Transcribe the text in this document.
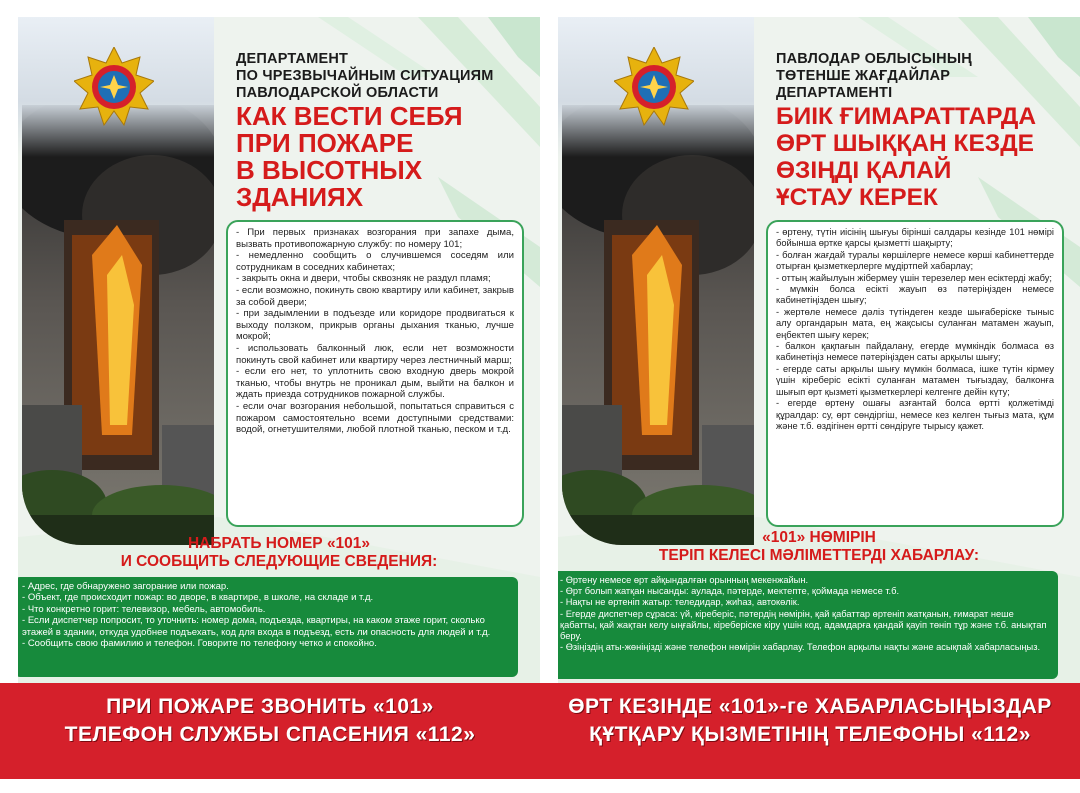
ДЕПАРТАМЕНТ
ПО ЧРЕЗВЫЧАЙНЫМ СИТУАЦИЯМ
ПАВЛОДАРСКОЙ ОБЛАСТИ
КАК ВЕСТИ СЕБЯ
ПРИ ПОЖАРЕ
В ВЫСОТНЫХ
ЗДАНИЯХ

- При первых признаках возгорания при запахе дыма, вызвать противопожарную службу: по номеру 101;

- немедленно сообщить о случившемся соседям или сотрудникам в соседних кабинетах;

- закрыть окна и двери, чтобы сквозняк не раздул пламя;

- если возможно, покинуть свою квартиру или кабинет, закрыв за собой двери;

- при задымлении в подъезде или коридоре продвигаться к выходу ползком, прикрыв органы дыхания тканью, лучше мокрой;

- использовать балконный люк, если нет возможности покинуть свой кабинет или квартиру через лестничный марш;

- если его нет, то уплотнить свою входную дверь мокрой тканью, чтобы внутрь не проникал дым, выйти на балкон и ждать приезда сотрудников пожарной службы.

- если очаг возгорания небольшой, попытаться справиться с пожаром самостоятельно всеми доступными средствами: водой, огнетушителями, любой плотной тканью, песком и т.д.

НАБРАТЬ НОМЕР «101»
И СООБЩИТЬ СЛЕДУЮЩИЕ СВЕДЕНИЯ:

- Адрес, где обнаружено загорание или пожар.

- Объект, где происходит пожар: во дворе, в квартире, в школе, на складе и т.д.

- Что конкретно горит: телевизор, мебель, автомобиль.

- Если диспетчер попросит, то уточнить: номер дома, подъезда, квартиры, на каком этаже горит, сколько этажей в здании, откуда удобнее подъехать, код для входа в подъезд, есть ли опасность для людей и т.д.

- Сообщить свою фамилию и телефон. Говорите по телефону четко и спокойно.

ПАВЛОДАР ОБЛЫСЫНЫҢ
ТӨТЕНШЕ ЖАҒДАЙЛАР
ДЕПАРТАМЕНТІ
БИІК ҒИМАРАТТАРДА
ӨРТ ШЫҚҚАН КЕЗДЕ
ӨЗІҢДІ ҚАЛАЙ
ҰСТАУ КЕРЕК

- өртену, түтін иісінің шығуы бірінші салдары кезінде 101 нөмірі бойынша өртке қарсы қызметті шақырту;

- болған жағдай туралы көршілерге немесе көрші кабинеттерде отырған қызметкерлерге мұдіртпей хабарлау;

- оттың жайылуын жібермеу үшін терезелер мен есіктерді жабу;

- мүмкін болса есікті жауып өз пәтеріңізден немесе кабинетіңізден шығу;

- жертөле немесе дәліз түтіндеген кезде шығаберіске тыныс алу органдарын мата, ең жақсысы суланған матамен жауып, еңбектеп шығу керек;

- балкон қақпағын пайдалану, егерде мүмкіндік болмаса өз кабинетіңіз немесе пәтеріңізден саты арқылы шығу;

- егерде саты арқылы шығу мүмкін болмаса, ішке түтін кірмеу үшін кіреберіс есікті суланған матамен тығыздау, балконға шығып өрт қызметі қызметкерлері келгенге дейін күту;

- егерде өртену ошағы азғантай болса өртті қолжетімді құралдар: су, өрт сөндіргіш, немесе кез келген тығыз мата, құм және т.б. өздігінен өртті сөндіруге тырысу қажет.

«101» НӨМІРІН
ТЕРІП КЕЛЕСІ МӘЛІМЕТТЕРДІ ХАБАРЛАУ:

- Өртену немесе өрт айқындалған орынның мекенжайын.

- Өрт болып жатқан нысанды: аулада, пәтерде, мектепте, қоймада немесе т.б.

- Нақты не өртеніп жатыр: теледидар, жиһаз, автокөлік.

- Егерде диспетчер сұраса: үй, кіреберіс, пәтердің нөмірін, қай қабаттар өртеніп жатқанын, ғимарат неше қабатты, қай жақтан келу ыңғайлы, кіреберіске кіру үшін код, адамдарға қандай қауіп төніп тұр және т.б. анықтап беру.

- Өзіңіздің аты-жөніңізді және телефон нөмірін хабарлау. Телефон арқылы нақты және асықпай хабарласыңыз.

ПРИ ПОЖАРЕ ЗВОНИТЬ «101»
ТЕЛЕФОН СЛУЖБЫ СПАСЕНИЯ «112»
ӨРТ КЕЗІНДЕ «101»-ге ХАБАРЛАСЫҢЫЗДАР
ҚҰТҚАРУ ҚЫЗМЕТІНІҢ ТЕЛЕФОНЫ «112»
